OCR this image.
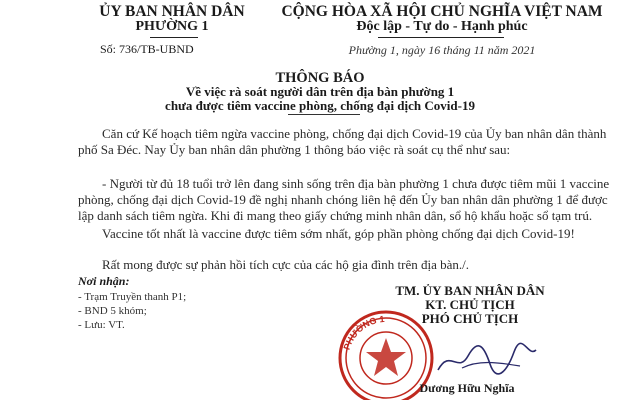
ỦY BAN NHÂN DÂN
PHƯỜNG 1
Số: 736/TB-UBND
CỘNG HÒA XÃ HỘI CHỦ NGHĨA VIỆT NAM
Độc lập - Tự do - Hạnh phúc
Phường 1, ngày 16 tháng 11 năm 2021
THÔNG BÁO
Về việc rà soát người dân trên địa bàn phường 1
chưa được tiêm vaccine phòng, chống đại dịch Covid-19
Căn cứ Kế hoạch tiêm ngừa vaccine phòng, chống đại dịch Covid-19 của Ủy ban nhân dân thành phố Sa Đéc. Nay Ủy ban nhân dân phường 1 thông báo việc rà soát cụ thể như sau:
- Người từ đủ 18 tuổi trở lên đang sinh sống trên địa bàn phường 1 chưa được tiêm mũi 1 vaccine phòng, chống đại dịch Covid-19 đề nghị nhanh chóng liên hệ đến Ủy ban nhân dân phường 1 để được lập danh sách tiêm ngừa. Khi đi mang theo giấy chứng minh nhân dân, sổ hộ khẩu hoặc sổ tạm trú.
Vaccine tốt nhất là vaccine được tiêm sớm nhất, góp phần phòng chống đại dịch Covid-19!
Rất mong được sự phản hồi tích cực của các hộ gia đình trên địa bàn./.
Nơi nhận:
- Trạm Truyền thanh P1;
- BND 5 khóm;
- Lưu: VT.
TM. ỦY BAN NHÂN DÂN
KT. CHỦ TỊCH
PHÓ CHỦ TỊCH
PHƯỜNG 1
Dương Hữu Nghĩa
